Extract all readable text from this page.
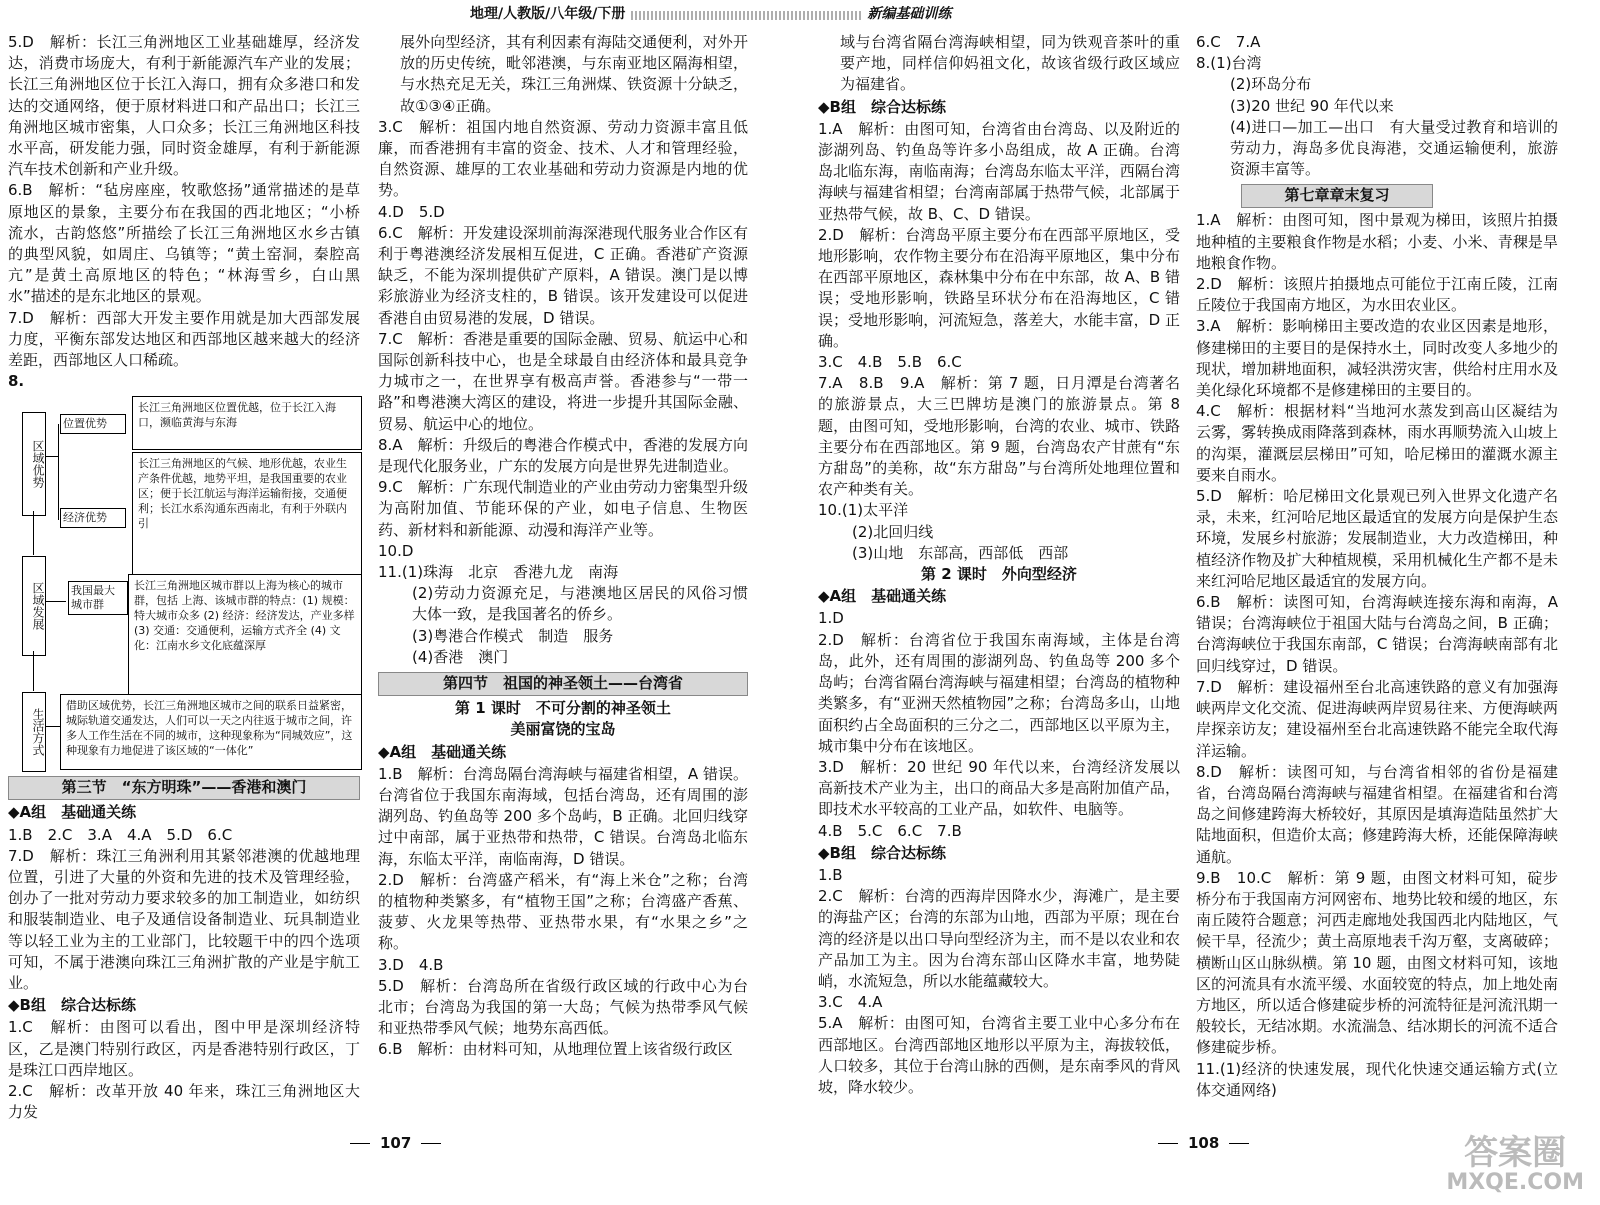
地理/人教版/八年级/下册	新编基础训练

5.D　解析：长江三角洲地区工业基础雄厚，经济发达，消费市场庞大，有利于新能源汽车产业的发展；长江三角洲地区位于长江入海口，拥有众多港口和发达的交通网络，便于原材料进口和产品出口；长江三角洲地区城市密集，人口众多；长江三角洲地区科技水平高，研发能力强，同时资金雄厚，有利于新能源汽车技术创新和产业升级。

6.B　解析：“毡房座座，牧歌悠扬”通常描述的是草原地区的景象，主要分布在我国的西北地区；“小桥流水，古韵悠悠”所描绘了长江三角洲地区水乡古镇的典型风貌，如周庄、乌镇等；“黄土窑洞，秦腔高亢”是黄土高原地区的特色；“林海雪乡，白山黑水”描述的是东北地区的景观。

7.D　解析：西部大开发主要作用就是加大西部发展力度，平衡东部发达地区和西部地区越来越大的经济差距，西部地区人口稀疏。

8.

区域优势
区域发展
生活方式
位置优势
经济优势
我国最大城市群
长江三角洲地区位置优越，位于长江入海口，濒临黄海与东海
长江三角洲地区的气候、地形优越，农业生产条件优越，地势平坦，是我国重要的农业区；便于长江航运与海洋运输衔接，交通便利；长江水系沟通东西南北，有利于外联内引
长江三角洲地区城市群以上海为核心的城市群，包括 上海、该城市群的特点：(1) 规模：特大城市众多 (2) 经济：经济发达，产业多样 (3) 交通：交通便利，运输方式齐全 (4) 文化：江南水乡文化底蕴深厚
借助区域优势，长江三角洲地区城市之间的联系日益紧密，城际轨道交通发达，人们可以一天之内往返于城市之间，许多人工作生活在不同的城市，这种现象称为“同城效应”，这种现象有力地促进了该区域的“一体化”
第三节　“东方明珠”——香港和澳门

◆A组　基础通关练

1.B　2.C　3.A　4.A　5.D　6.C

7.D　解析：珠江三角洲利用其紧邻港澳的优越地理位置，引进了大量的外资和先进的技术及管理经验，创办了一批对劳动力要求较多的加工制造业，如纺织和服装制造业、电子及通信设备制造业、玩具制造业等以轻工业为主的工业部门，比较题干中的四个选项可知，不属于港澳向珠江三角洲扩散的产业是宇航工业。

◆B组　综合达标练

1.C　解析：由图可以看出，图中甲是深圳经济特区，乙是澳门特别行政区，丙是香港特别行政区，丁是珠江口西岸地区。

2.C　解析：改革开放 40 年来，珠江三角洲地区大力发

展外向型经济，其有利因素有海陆交通便利，对外开放的历史传统，毗邻港澳，与东南亚地区隔海相望，与水热充足无关，珠江三角洲煤、铁资源十分缺乏，故①③④正确。

3.C　解析：祖国内地自然资源、劳动力资源丰富且低廉，而香港拥有丰富的资金、技术、人才和管理经验，自然资源、雄厚的工农业基础和劳动力资源是内地的优势。

4.D　5.D

6.C　解析：开发建设深圳前海深港现代服务业合作区有利于粤港澳经济发展相互促进，C 正确。香港矿产资源缺乏，不能为深圳提供矿产原料，A 错误。澳门是以博彩旅游业为经济支柱的，B 错误。该开发建设可以促进香港自由贸易港的发展，D 错误。

7.C　解析：香港是重要的国际金融、贸易、航运中心和国际创新科技中心，也是全球最自由经济体和最具竞争力城市之一，在世界享有极高声誉。香港参与“一带一路”和粤港澳大湾区的建设，将进一步提升其国际金融、贸易、航运中心的地位。

8.A　解析：升级后的粤港合作模式中，香港的发展方向是现代化服务业，广东的发展方向是世界先进制造业。

9.C　解析：广东现代制造业的产业由劳动力密集型升级为高附加值、节能环保的产业，如电子信息、生物医药、新材料和新能源、动漫和海洋产业等。

10.D

11.(1)珠海　北京　香港九龙　南海

(2)劳动力资源充足，与港澳地区居民的风俗习惯大体一致，是我国著名的侨乡。

(3)粤港合作模式　制造　服务

(4)香港　澳门

第四节　祖国的神圣领土——台湾省

第 1 课时　不可分割的神圣领土

美丽富饶的宝岛

◆A组　基础通关练

1.B　解析：台湾岛隔台湾海峡与福建省相望，A 错误。台湾省位于我国东南海域，包括台湾岛，还有周围的澎湖列岛、钓鱼岛等 200 多个岛屿，B 正确。北回归线穿过中南部，属于亚热带和热带，C 错误。台湾岛北临东海，东临太平洋，南临南海，D 错误。

2.D　解析：台湾盛产稻米，有“海上米仓”之称；台湾的植物种类繁多，有“植物王国”之称；台湾盛产香蕉、菠萝、火龙果等热带、亚热带水果，有“水果之乡”之称。

3.D　4.B

5.D　解析：台湾岛所在省级行政区域的行政中心为台北市；台湾岛为我国的第一大岛；气候为热带季风气候和亚热带季风气候；地势东高西低。

6.B　解析：由材料可知，从地理位置上该省级行政区

域与台湾省隔台湾海峡相望，同为铁观音茶叶的重要产地，同样信仰妈祖文化，故该省级行政区域应为福建省。

◆B组　综合达标练

1.A　解析：由图可知，台湾省由台湾岛、以及附近的澎湖列岛、钓鱼岛等许多小岛组成，故 A 正确。台湾岛北临东海，南临南海；台湾岛东临太平洋，西隔台湾海峡与福建省相望；台湾南部属于热带气候，北部属于亚热带气候，故 B、C、D 错误。

2.D　解析：台湾岛平原主要分布在西部平原地区，受地形影响，农作物主要分布在沿海平原地区，集中分布在西部平原地区，森林集中分布在中东部，故 A、B 错误；受地形影响，铁路呈环状分布在沿海地区，C 错误；受地形影响，河流短急，落差大，水能丰富，D 正确。

3.C　4.B　5.B　6.C

7.A　8.B　9.A　解析：第 7 题，日月潭是台湾著名的旅游景点，大三巴牌坊是澳门的旅游景点。第 8 题，由图可知，受地形影响，台湾的农业、城市、铁路主要分布在西部地区。第 9 题，台湾岛农产甘蔗有“东方甜岛”的美称，故“东方甜岛”与台湾所处地理位置和农产种类有关。

10.(1)太平洋

(2)北回归线

(3)山地　东部高，西部低　西部

第 2 课时　外向型经济

◆A组　基础通关练

1.D

2.D　解析：台湾省位于我国东南海域，主体是台湾岛，此外，还有周围的澎湖列岛、钓鱼岛等 200 多个岛屿；台湾省隔台湾海峡与福建相望；台湾岛的植物种类繁多，有“亚洲天然植物园”之称；台湾岛多山，山地面积约占全岛面积的三分之二，西部地区以平原为主，城市集中分布在该地区。

3.D　解析：20 世纪 90 年代以来，台湾经济发展以高新技术产业为主，出口的商品大多是高附加值产品，即技术水平较高的工业产品，如软件、电脑等。

4.B　5.C　6.C　7.B

◆B组　综合达标练

1.B

2.C　解析：台湾的西海岸因降水少，海滩广，是主要的海盐产区；台湾的东部为山地，西部为平原；现在台湾的经济是以出口导向型经济为主，而不是以农业和农产品加工为主。因为台湾东部山区降水丰富，地势陡峭，水流短急，所以水能蕴藏较大。

3.C　4.A

5.A　解析：由图可知，台湾省主要工业中心多分布在西部地区。台湾西部地区地形以平原为主，海拔较低，人口较多，其位于台湾山脉的西侧，是东南季风的背风坡，降水较少。

6.C　7.A

8.(1)台湾

(2)环岛分布

(3)20 世纪 90 年代以来

(4)进口—加工—出口　有大量受过教育和培训的劳动力，海岛多优良海港，交通运输便利，旅游资源丰富等。

第七章章末复习

1.A　解析：由图可知，图中景观为梯田，该照片拍摄地种植的主要粮食作物是水稻；小麦、小米、青稞是旱地粮食作物。

2.D　解析：该照片拍摄地点可能位于江南丘陵，江南丘陵位于我国南方地区，为水田农业区。

3.A　解析：影响梯田主要改造的农业区因素是地形，修建梯田的主要目的是保持水土，同时改变人多地少的现状，增加耕地面积，减轻洪涝灾害，供给村庄用水及美化绿化环境都不是修建梯田的主要目的。

4.C　解析：根据材料“当地河水蒸发到高山区凝结为云雾，雾转换成雨降落到森林，雨水再顺势流入山坡上的沟渠，灌溉层层梯田”可知，哈尼梯田的灌溉水源主要来自雨水。

5.D　解析：哈尼梯田文化景观已列入世界文化遗产名录，未来，红河哈尼地区最适宜的发展方向是保护生态环境，发展乡村旅游；发展制造业，大力改造梯田，种植经济作物及扩大种植规模，采用机械化生产都不是未来红河哈尼地区最适宜的发展方向。

6.B　解析：读图可知，台湾海峡连接东海和南海，A 错误；台湾海峡位于祖国大陆与台湾岛之间，B 正确；台湾海峡位于我国东南部，C 错误；台湾海峡南部有北回归线穿过，D 错误。

7.D　解析：建设福州至台北高速铁路的意义有加强海峡两岸文化交流、促进海峡两岸贸易往来、方便海峡两岸探亲访友；建设福州至台北高速铁路不能完全取代海洋运输。

8.D　解析：读图可知，与台湾省相邻的省份是福建省，台湾岛隔台湾海峡与福建省相望。在福建省和台湾岛之间修建跨海大桥较好，其原因是填海造陆虽然扩大陆地面积，但造价太高；修建跨海大桥，还能保障海峡通航。

9.B　10.C　解析：第 9 题，由图文材料可知，碇步桥分布于我国南方河网密布、地势比较和缓的地区，东南丘陵符合题意；河西走廊地处我国西北内陆地区，气候干旱，径流少；黄土高原地表千沟万壑，支离破碎；横断山区山脉纵横。第 10 题，由图文材料可知，该地区的河流具有水流平缓、水面较宽的特点，加上地处南方地区，所以适合修建碇步桥的河流特征是河流汛期一般较长，无结冰期。水流湍急、结冰期长的河流不适合修建碇步桥。

11.(1)经济的快速发展，现代化快速交通运输方式(立体交通网络)

107	108	答案圈
MXQE.COM
